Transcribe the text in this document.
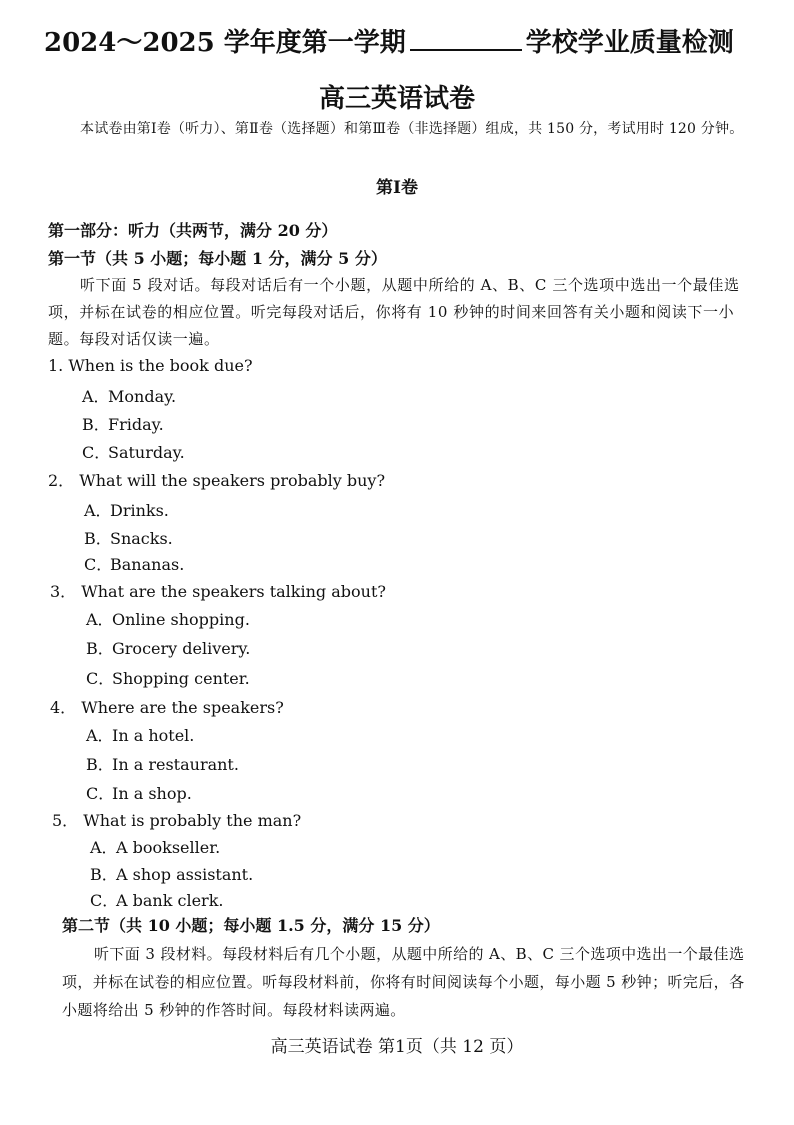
2024～2025 学年度第一学期	学校学业质量检测
高三英语试卷
本试卷由第Ⅰ卷（听力）、第Ⅱ卷（选择题）和第Ⅲ卷（非选择题）组成，共 150 分，考试用时 120 分钟。
第Ⅰ卷
第一部分：听力（共两节，满分 20 分）
第一节（共 5 小题；每小题 1 分，满分 5 分）
听下面 5 段对话。每段对话后有一个小题，从题中所给的 A、B、C 三个选项中选出一个最佳选项，并标在试卷的相应位置。听完每段对话后，你将有 10 秒钟的时间来回答有关小题和阅读下一小题。每段对话仅读一遍。
1. When is the book due?
A．Monday.
B．Friday.
C．Saturday.
2． What will the speakers probably buy?
A．Drinks.
B．Snacks.
C．Bananas.
3． What are the speakers talking about?
A．Online shopping.
B．Grocery delivery.
C．Shopping center.
4． Where are the speakers?
A．In a hotel.
B．In a restaurant.
C．In a shop.
5． What is probably the man?
A．A bookseller.
B．A shop assistant.
C．A bank clerk.
第二节（共 10 小题；每小题 1.5 分，满分 15 分）
听下面 3 段材料。每段材料后有几个小题，从题中所给的 A、B、C 三个选项中选出一个最佳选项，并标在试卷的相应位置。听每段材料前，你将有时间阅读每个小题，每小题 5 秒钟；听完后，各小题将给出 5 秒钟的作答时间。每段材料读两遍。
高三英语试卷 第1页（共 12 页）
